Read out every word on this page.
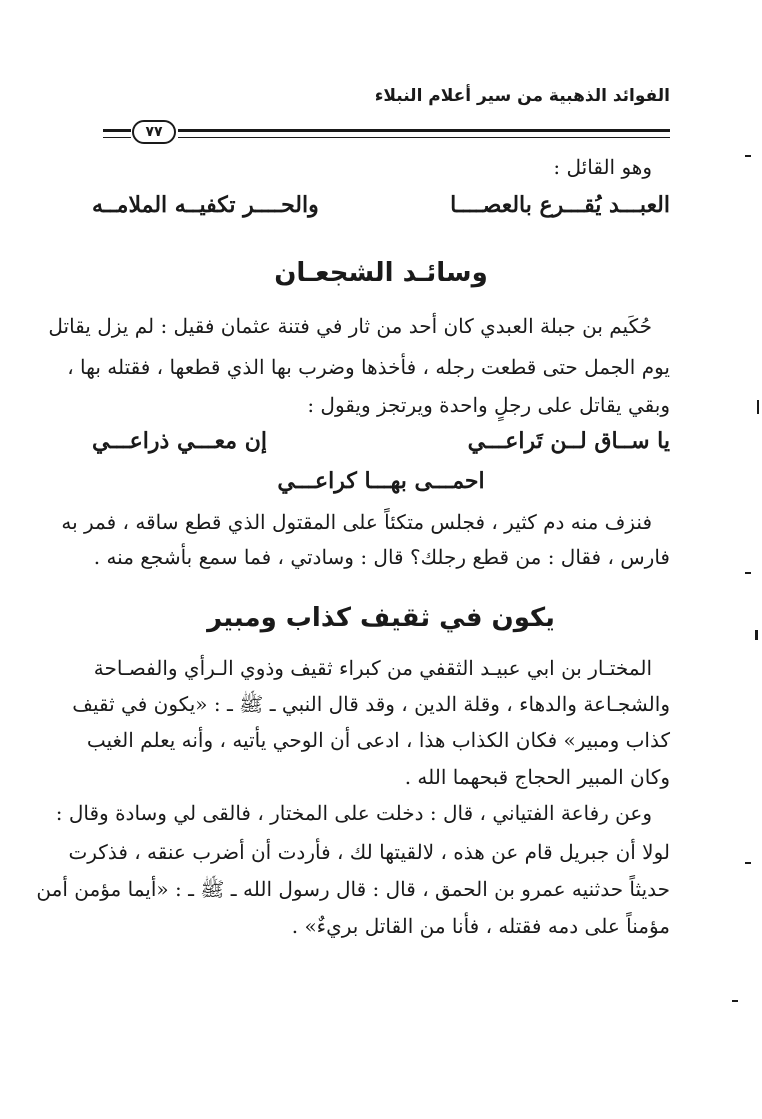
الفوائد الذهبية من سير أعلام النبلاء
٧٧
وهو القائل :
العبـــد يُقـــرع بالعصــــا
والحــــر تكفيــه الملامــه
وسائـد الشجعـان
حُكَيم بن جبلة العبدي كان أحد من ثار في فتنة عثمان فقيل : لم يزل يقاتل
يوم الجمل حتى قطعت رجله ، فأخذها وضرب بها الذي قطعها ، فقتله بها ،
وبقي يقاتل على رجلٍ واحدة ويرتجز ويقول :
يا ســاق لــن تَراعـــي
إن معـــي ذراعـــي
احمـــى بهـــا كراعـــي
فنزف منه دم كثير ، فجلس متكئاً على المقتول الذي قطع ساقه ، فمر به
فارس ، فقال : من قطع رجلك؟ قال : وسادتي ، فما سمع بأشجع منه .
يكون في ثقيف كذاب ومبير
المختـار بن ابي عبيـد الثقفي من كبراء ثقيف وذوي الـرأي والفصـاحة
والشجـاعة والدهاء ، وقلة الدين ، وقد قال النبي ـ ﷺ ـ : «يكون في ثقيف
كذاب ومبير» فكان الكذاب هذا ، ادعى أن الوحي يأتيه ، وأنه يعلم الغيب
وكان المبير الحجاج قبحهما الله .
وعن رفاعة الفتياني ، قال : دخلت على المختار ، فالقى لي وسادة وقال :
لولا أن جبريل قام عن هذه ، لالقيتها لك ، فأردت أن أضرب عنقه ، فذكرت
حديثاً حدثنيه عمرو بن الحمق ، قال : قال رسول الله ـ ﷺ ـ : «أيما مؤمن أمن
مؤمناً على دمه فقتله ، فأنا من القاتل بريءٌ» .
